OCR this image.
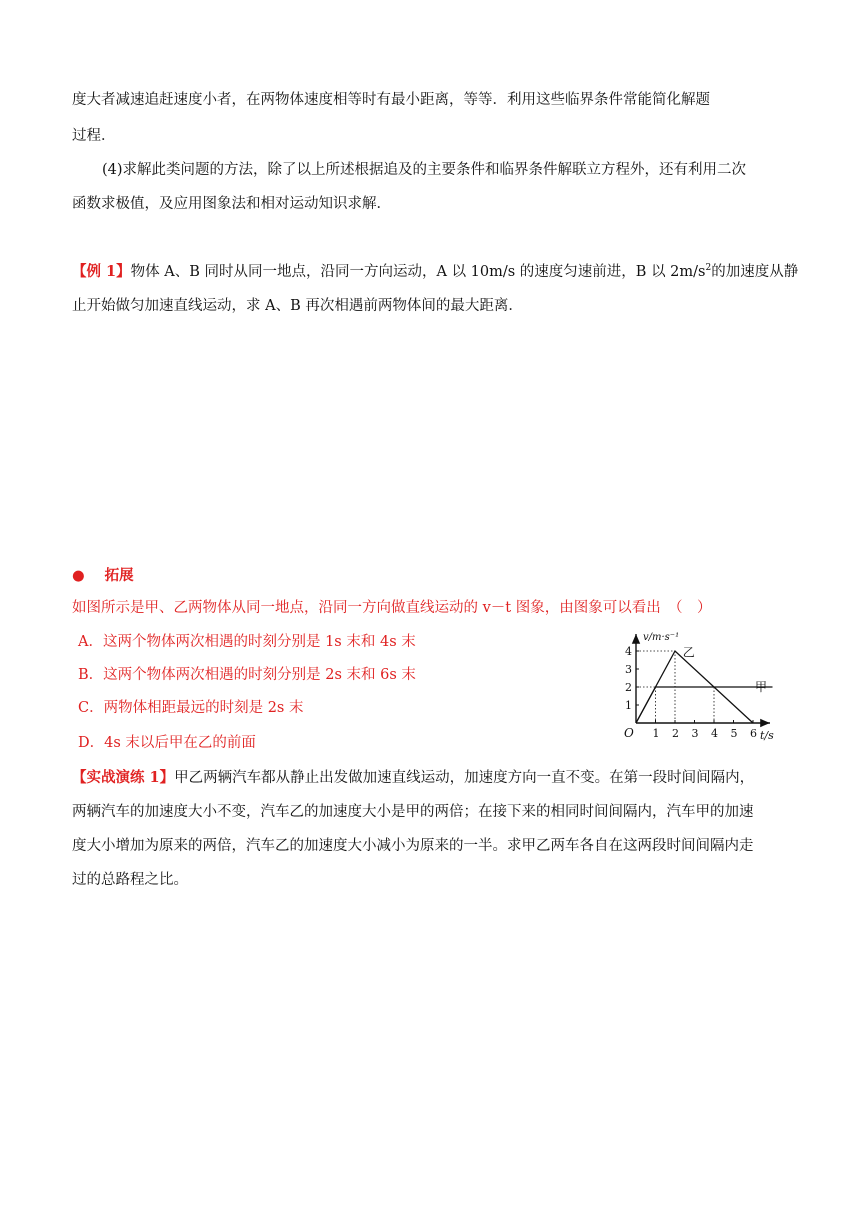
度大者减速追赶速度小者，在两物体速度相等时有最小距离，等等．利用这些临界条件常能简化解题
过程．
(4)求解此类问题的方法，除了以上所述根据追及的主要条件和临界条件解联立方程外，还有利用二次
函数求极值，及应用图象法和相对运动知识求解．
【例 1】物体 A、B 同时从同一地点，沿同一方向运动，A 以 10m/s 的速度匀速前进，B 以 $2m/s^2$的加速度从静
止开始做匀加速直线运动，求 A、B 再次相遇前两物体间的最大距离．
● 拓展
如图所示是甲、乙两物体从同一地点，沿同一方向做直线运动的 v－t 图象，由图象可以看出　（　）
A．这两个物体两次相遇的时刻分别是 1s 末和 4s 末
B．这两个物体两次相遇的时刻分别是 2s 末和 6s 末
C．两物体相距最远的时刻是 2s 末
D．4s 末以后甲在乙的前面
1 2 3 4 5 6
1
2
3
4
v/m·s⁻¹
t/s
O
乙
甲
【实战演练 1】甲乙两辆汽车都从静止出发做加速直线运动，加速度方向一直不变。在第一段时间间隔内，
两辆汽车的加速度大小不变，汽车乙的加速度大小是甲的两倍；在接下来的相同时间间隔内，汽车甲的加速
度大小增加为原来的两倍，汽车乙的加速度大小减小为原来的一半。求甲乙两车各自在这两段时间间隔内走
过的总路程之比。
